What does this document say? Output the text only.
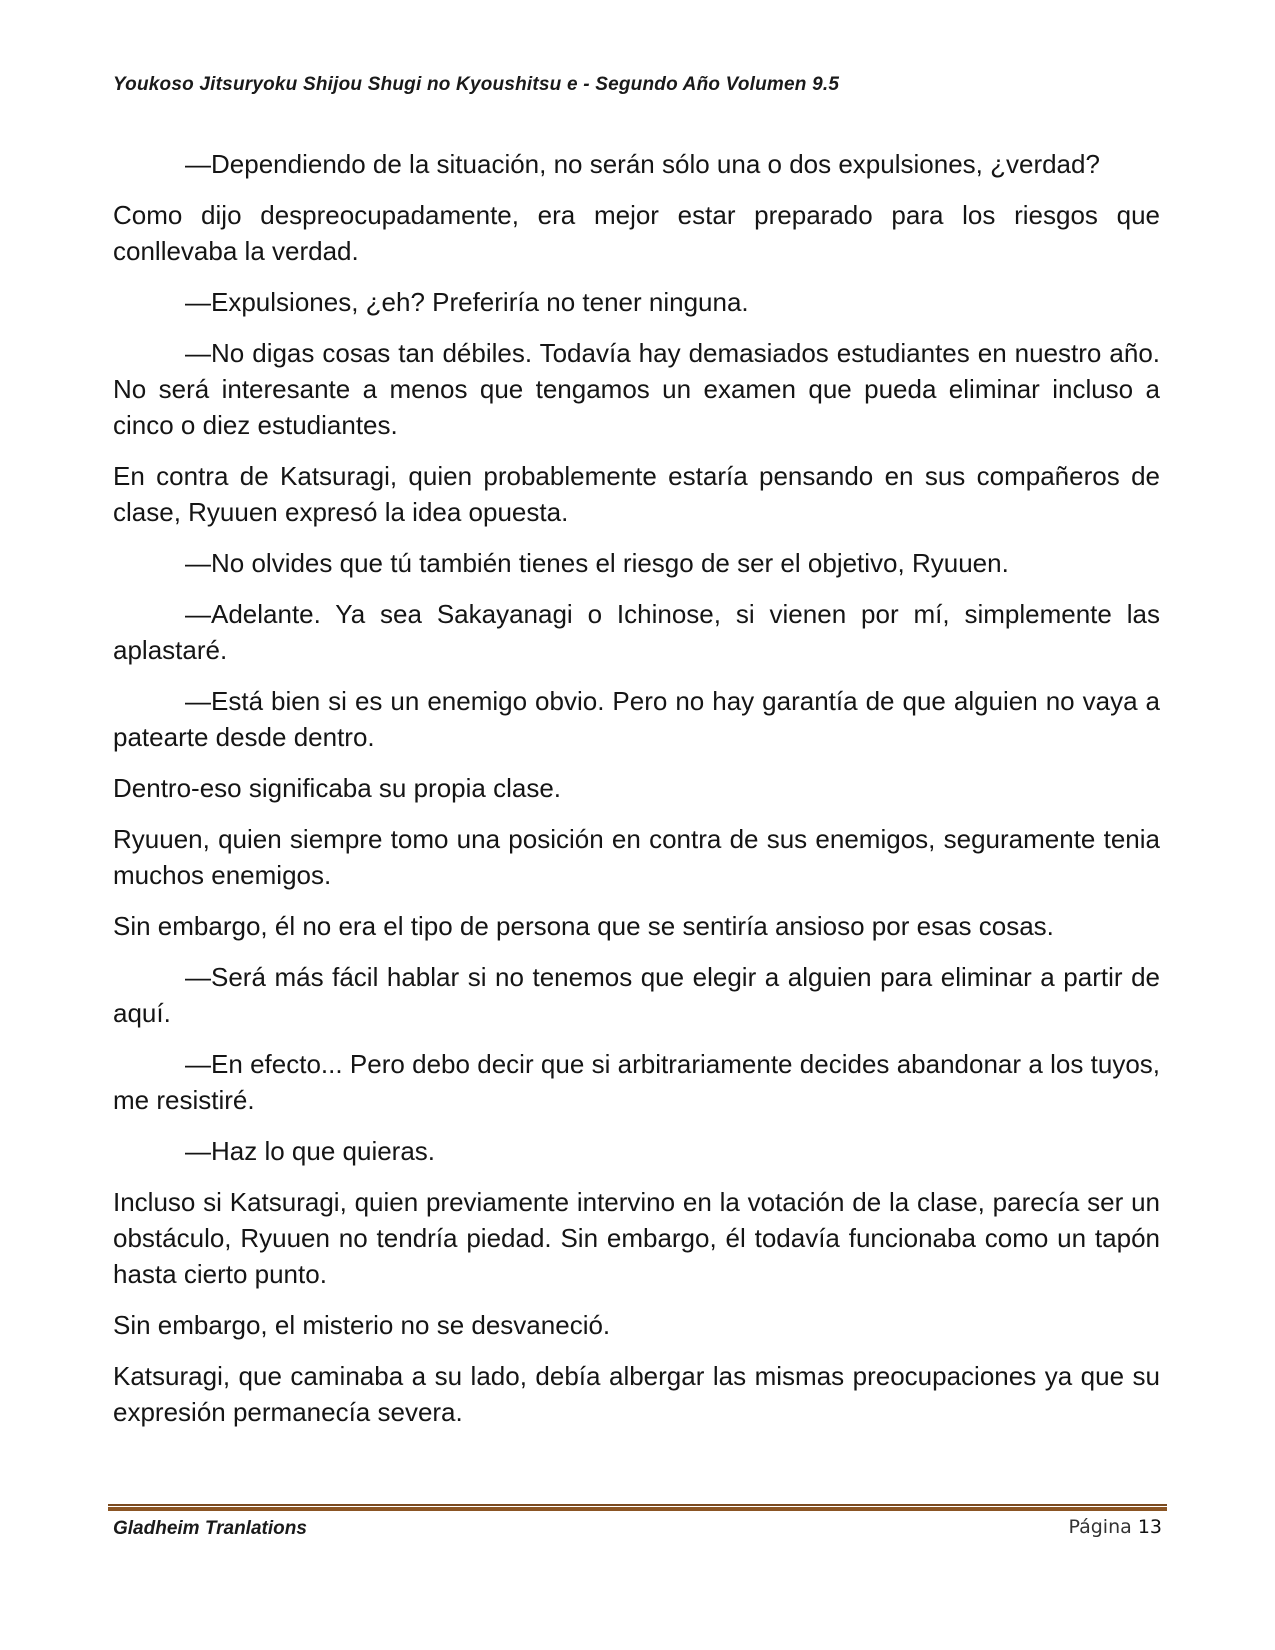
Youkoso Jitsuryoku Shijou Shugi no Kyoushitsu e - Segundo Año Volumen 9.5

—Dependiendo de la situación, no serán sólo una o dos expulsiones, ¿verdad?

Como dijo despreocupadamente, era mejor estar preparado para los riesgos que conllevaba la verdad.

—Expulsiones, ¿eh? Preferiría no tener ninguna.

—No digas cosas tan débiles. Todavía hay demasiados estudiantes en nuestro año. No será interesante a menos que tengamos un examen que pueda eliminar incluso a cinco o diez estudiantes.

En contra de Katsuragi, quien probablemente estaría pensando en sus compañeros de clase, Ryuuen expresó la idea opuesta.

—No olvides que tú también tienes el riesgo de ser el objetivo, Ryuuen.

—Adelante. Ya sea Sakayanagi o Ichinose, si vienen por mí, simplemente las aplastaré.

—Está bien si es un enemigo obvio. Pero no hay garantía de que alguien no vaya a patearte desde dentro.

Dentro-eso significaba su propia clase.

Ryuuen, quien siempre tomo una posición en contra de sus enemigos, seguramente tenia muchos enemigos.

Sin embargo, él no era el tipo de persona que se sentiría ansioso por esas cosas.

—Será más fácil hablar si no tenemos que elegir a alguien para eliminar a partir de aquí.

—En efecto... Pero debo decir que si arbitrariamente decides abandonar a los tuyos, me resistiré.

—Haz lo que quieras.

Incluso si Katsuragi, quien previamente intervino en la votación de la clase, parecía ser un obstáculo, Ryuuen no tendría piedad. Sin embargo, él todavía funcionaba como un tapón hasta cierto punto.

Sin embargo, el misterio no se desvaneció.

Katsuragi, que caminaba a su lado, debía albergar las mismas preocupaciones ya que su expresión permanecía severa.

Gladheim Tranlations	Página 13
